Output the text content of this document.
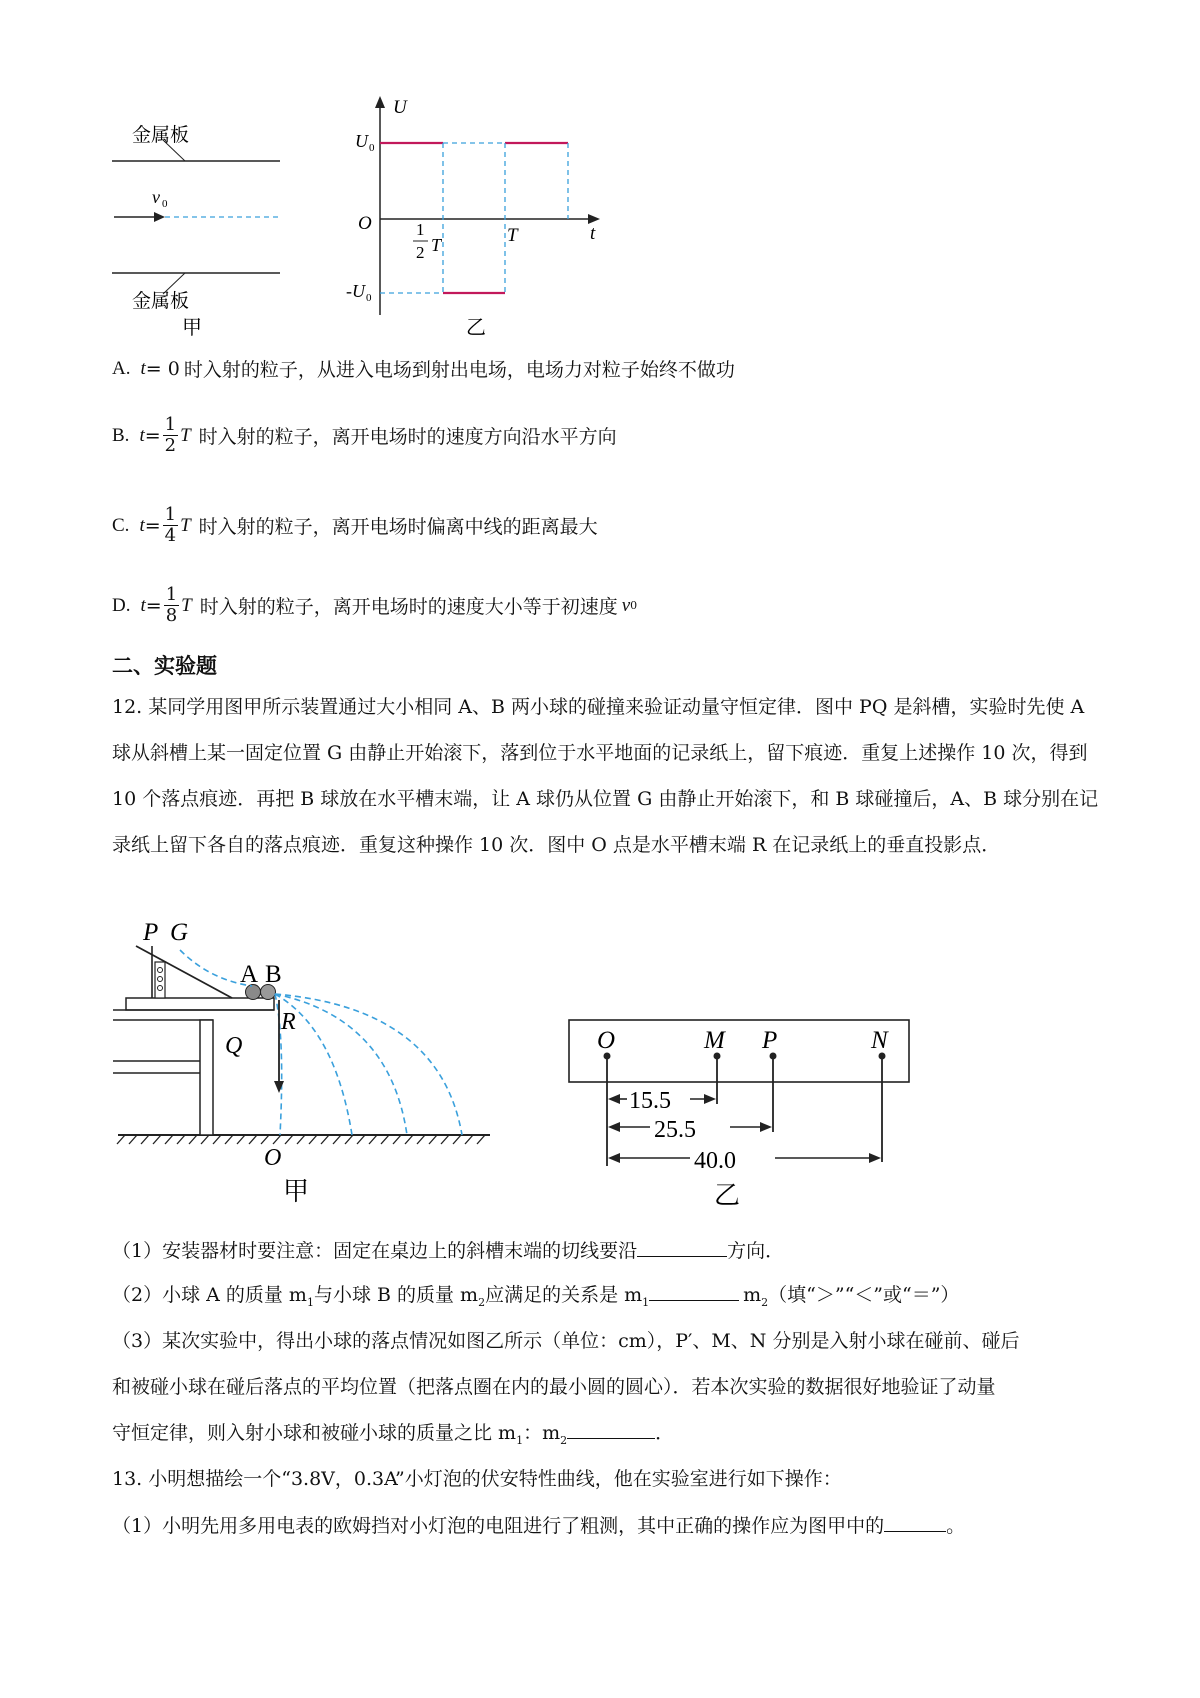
金属板
金属板
v 0
甲
U
t
O
U 0
-U 0
1
2 T	T
乙
A. t = 0 时入射的粒子，从进入电场到射出电场，电场力对粒子始终不做功
B. $t = \frac{1}{2}$ T 时入射的粒子，离开电场时的速度方向沿水平方向
C. $t = \frac{1}{4}$ T 时入射的粒子，离开电场时偏离中线的距离最大
D. $t = \frac{1}{8}$ T 时入射的粒子，离开电场时的速度大小等于初速度 v 0
二、实验题
12. 某同学用图甲所示装置通过大小相同 A、B 两小球的碰撞来验证动量守恒定律．图中 PQ 是斜槽，实验时先使 A 球从斜槽上某一固定位置 G 由静止开始滚下，落到位于水平地面的记录纸上，留下痕迹．重复上述操作 10 次，得到 10 个落点痕迹．再把 B 球放在水平槽末端，让 A 球仍从位置 G 由静止开始滚下，和 B 球碰撞后，A、B 球分别在记录纸上留下各自的落点痕迹．重复这种操作 10 次．图中 O 点是水平槽末端 R 在记录纸上的垂直投影点．
P G
A B
R
Q
O
甲
O	M P	N
15.5
25.5
40.0
乙
（1）安装器材时要注意：固定在桌边上的斜槽末端的切线要沿	方向．
（2）小球 A 的质量 $m_1$与小球 B 的质量 $m_2$应满足的关系是 $m_1$	$m_2$（填“＞”“＜”或“＝”）
（3）某次实验中，得出小球的落点情况如图乙所示（单位：cm），P′、M、N 分别是入射小球在碰前、碰后
和被碰小球在碰后落点的平均位置（把落点圈在内的最小圆的圆心）．若本次实验的数据很好地验证了动量
守恒定律，则入射小球和被碰小球的质量之比 $m_1$：$m_2$	．
13. 小明想描绘一个“3.8V，0.3A”小灯泡的伏安特性曲线，他在实验室进行如下操作：
（1）小明先用多用电表的欧姆挡对小灯泡的电阻进行了粗测，其中正确的操作应为图甲中的	。
